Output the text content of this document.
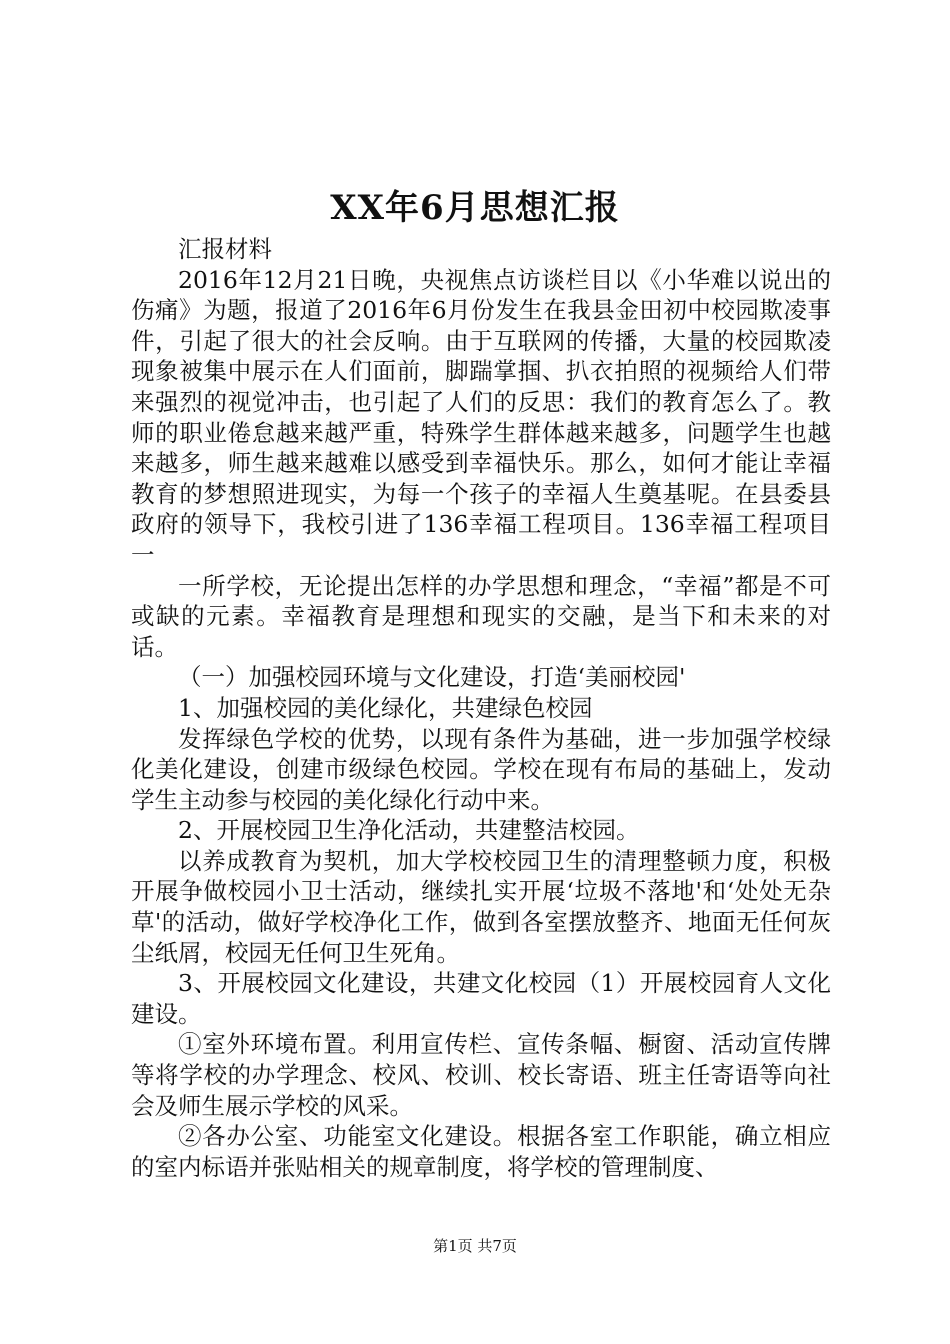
XX年6月思想汇报

汇报材料

2016年12月21日晚，央视焦点访谈栏目以《小华难以说出的伤痛》为题，报道了2016年6月份发生在我县金田初中校园欺凌事件，引起了很大的社会反响。由于互联网的传播，大量的校园欺凌现象被集中展示在人们面前，脚踹掌掴、扒衣拍照的视频给人们带来强烈的视觉冲击，也引起了人们的反思：我们的教育怎么了。教师的职业倦怠越来越严重，特殊学生群体越来越多，问题学生也越来越多，师生越来越难以感受到幸福快乐。那么，如何才能让幸福教育的梦想照进现实，为每一个孩子的幸福人生奠基呢。在县委县政府的领导下，我校引进了136幸福工程项目。136幸福工程项目一

一所学校，无论提出怎样的办学思想和理念，“幸福”都是不可或缺的元素。幸福教育是理想和现实的交融，是当下和未来的对话。

（一）加强校园环境与文化建设，打造‘美丽校园'

1、加强校园的美化绿化，共建绿色校园

发挥绿色学校的优势，以现有条件为基础，进一步加强学校绿化美化建设，创建市级绿色校园。学校在现有布局的基础上，发动学生主动参与校园的美化绿化行动中来。

2、开展校园卫生净化活动，共建整洁校园。

以养成教育为契机，加大学校校园卫生的清理整顿力度，积极开展争做校园小卫士活动，继续扎实开展‘垃圾不落地'和‘处处无杂草'的活动，做好学校净化工作，做到各室摆放整齐、地面无任何灰尘纸屑，校园无任何卫生死角。

3、开展校园文化建设，共建文化校园（1）开展校园育人文化建设。

①室外环境布置。利用宣传栏、宣传条幅、橱窗、活动宣传牌等将学校的办学理念、校风、校训、校长寄语、班主任寄语等向社会及师生展示学校的风采。

②各办公室、功能室文化建设。根据各室工作职能，确立相应的室内标语并张贴相关的规章制度，将学校的管理制度、

第1页 共7页
